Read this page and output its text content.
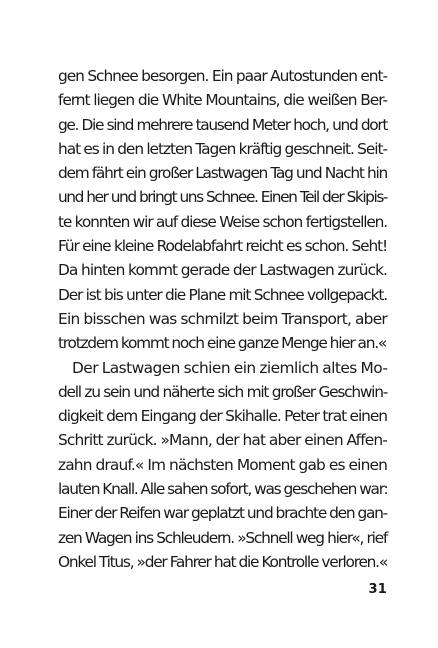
gen Schnee besorgen. Ein paar Autostunden ent-
fernt liegen die White Mountains, die weißen Ber-
ge. Die sind mehrere tausend Meter hoch, und dort
hat es in den letzten Tagen kräftig geschneit. Seit-
dem fährt ein großer Lastwagen Tag und Nacht hin
und her und bringt uns Schnee. Einen Teil der Skipis-
te konnten wir auf diese Weise schon fertigstellen.
Für eine kleine Rodelabfahrt reicht es schon. Seht!
Da hinten kommt gerade der Lastwagen zurück.
Der ist bis unter die Plane mit Schnee vollgepackt.
Ein bisschen was schmilzt beim Transport, aber
trotzdem kommt noch eine ganze Menge hier an.«
Der Lastwagen schien ein ziemlich altes Mo-
dell zu sein und näherte sich mit großer Geschwin-
digkeit dem Eingang der Skihalle. Peter trat einen
Schritt zurück. »Mann, der hat aber einen Affen-
zahn drauf.« Im nächsten Moment gab es einen
lauten Knall. Alle sahen sofort, was geschehen war:
Einer der Reifen war geplatzt und brachte den gan-
zen Wagen ins Schleudern. »Schnell weg hier«, rief
Onkel Titus, »der Fahrer hat die Kontrolle verloren.«
31
